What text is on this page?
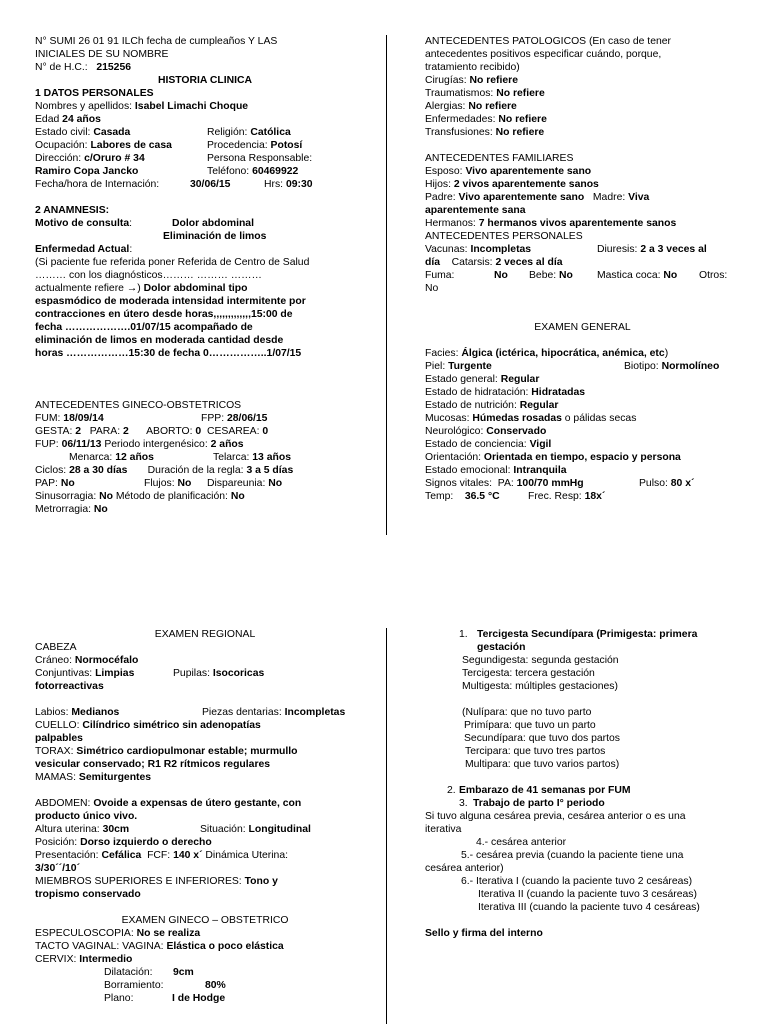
N° SUMI 26 01 91 ILCh fecha de cumpleaños Y LAS
INICIALES DE SU NOMBRE
N° de H.C.: 215256
HISTORIA CLINICA
1 DATOS PERSONALES
Nombres y apellidos: Isabel Limachi Choque
Edad 24 años
Estado civil: Casada	Religión: Católica
Ocupación: Labores de casa	Procedencia: Potosí
Dirección: c/Oruro # 34	Persona Responsable:
Ramiro Copa Jancko	Teléfono: 60469922
Fecha/hora de Internación:	30/06/15	Hrs: 09:30
2 ANAMNESIS:
Motivo de consulta:	Dolor abdominal
Eliminación de limos
Enfermedad Actual:
(Si paciente fue referida poner Referida de Centro de Salud
……… con los diagnósticos……… ……… ………
actualmente refiere →) Dolor abdominal tipo
espasmódico de moderada intensidad intermitente por
contracciones en útero desde horas,,,,,,,,,,,,,15:00 de
fecha ……………….01/07/15 acompañado de
eliminación de limos en moderada cantidad desde
horas ………………15:30 de fecha 0……………..1/07/15
ANTECEDENTES GINECO-OBSTETRICOS
FUM: 18/09/14	FPP: 28/06/15
GESTA: 2 PARA: 2 ABORTO: 0 CESAREA: 0
FUP: 06/11/13 Periodo intergenésico: 2 años
Menarca: 12 años	Telarca: 13 años
Ciclos: 28 a 30 días Duración de la regla: 3 a 5 días
PAP: No	Flujos: No Dispareunia: No
Sinusorragia: No Método de planificación: No
Metrorragia: No
ANTECEDENTES PATOLOGICOS (En caso de tener
antecedentes positivos especificar cuándo, porque,
tratamiento recibido)
Cirugías: No refiere
Traumatismos: No refiere
Alergias: No refiere
Enfermedades: No refiere
Transfusiones: No refiere
ANTECEDENTES FAMILIARES
Esposo: Vivo aparentemente sano
Hijos: 2 vivos aparentemente sanos
Padre: Vivo aparentemente sano Madre: Viva
aparentemente sana
Hermanos: 7 hermanos vivos aparentemente sanos
ANTECEDENTES PERSONALES
Vacunas: Incompletas	Diuresis: 2 a 3 veces al
día Catarsis: 2 veces al día
Fuma:	No Bebe: No Mastica coca: No Otros:
No
EXAMEN GENERAL
Facies: Álgica (ictérica, hipocrática, anémica, etc)
Piel: Turgente	Biotipo: Normolíneo
Estado general: Regular
Estado de hidratación: Hidratadas
Estado de nutrición: Regular
Mucosas: Húmedas rosadas o pálidas secas
Neurológico: Conservado
Estado de conciencia: Vigil
Orientación: Orientada en tiempo, espacio y persona
Estado emocional: Intranquila
Signos vitales: PA: 100/70 mmHg	Pulso: 80 x´
Temp: 36.5 °C	Frec. Resp: 18x´
EXAMEN REGIONAL
CABEZA
Cráneo: Normocéfalo
Conjuntivas: Limpias	Pupilas: Isocoricas
fotorreactivas
Labios: Medianos	Piezas dentarias: Incompletas
CUELLO: Cilíndrico simétrico sin adenopatías
palpables
TORAX: Simétrico cardiopulmonar estable; murmullo
vesicular conservado; R1 R2 rítmicos regulares
MAMAS: Semiturgentes
ABDOMEN: Ovoide a expensas de útero gestante, con
producto único vivo.
Altura uterina: 30cm	Situación: Longitudinal
Posición: Dorso izquierdo o derecho
Presentación: Cefálica FCF: 140 x´ Dinámica Uterina:
3/30´´/10´
MIEMBROS SUPERIORES E INFERIORES: Tono y
tropismo conservado
EXAMEN GINECO – OBSTETRICO
ESPECULOSCOPIA: No se realiza
TACTO VAGINAL: VAGINA: Elástica o poco elástica
CERVIX: Intermedio
Dilatación: 9cm
Borramiento:	80%
Plano:	I de Hodge
1. Tercigesta Secundípara (Primigesta: primera
gestación
Segundigesta: segunda gestación
Tercigesta: tercera gestación
Multigesta: múltiples gestaciones)
(Nulípara: que no tuvo parto
Primípara: que tuvo un parto
Secundípara: que tuvo dos partos
Tercipara: que tuvo tres partos
Multipara: que tuvo varios partos)
2. Embarazo de 41 semanas por FUM
3. Trabajo de parto I° periodo
Si tuvo alguna cesárea previa, cesárea anterior o es una
iterativa
4.- cesárea anterior
5.- cesárea previa (cuando la paciente tiene una
cesárea anterior)
6.- Iterativa I (cuando la paciente tuvo 2 cesáreas)
Iterativa II (cuando la paciente tuvo 3 cesáreas)
Iterativa III (cuando la paciente tuvo 4 cesáreas)
Sello y firma del interno
